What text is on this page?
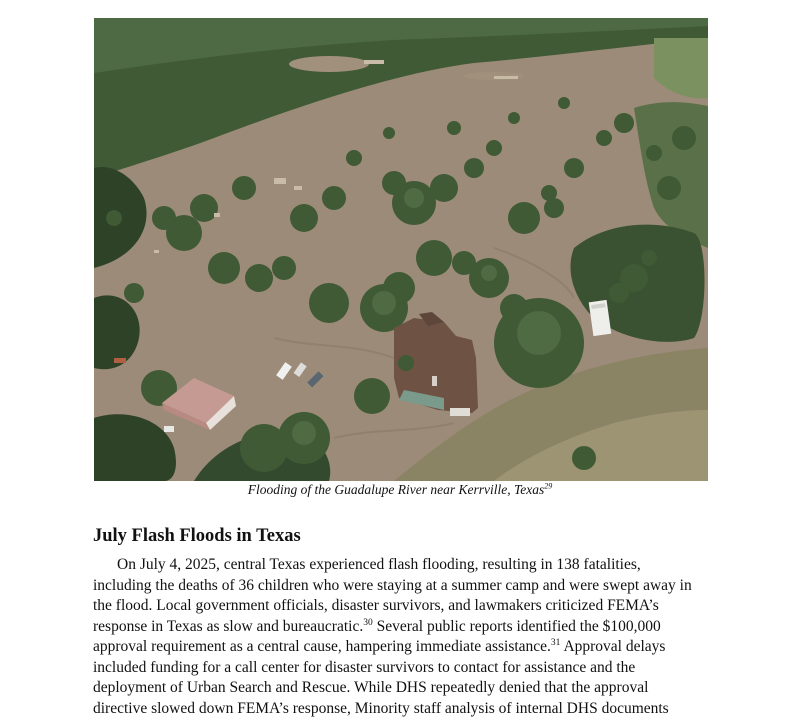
Flooding of the Guadalupe River near Kerrville, Texas$^{29}$
July Flash Floods in Texas

On July 4, 2025, central Texas experienced flash flooding, resulting in 138 fatalities,
including the deaths of 36 children who were staying at a summer camp and were swept away in
the flood. Local government officials, disaster survivors, and lawmakers criticized FEMA’s
response in Texas as slow and bureaucratic.$^{30}$ Several public reports identified the $100,000
approval requirement as a central cause, hampering immediate assistance.$^{31}$ Approval delays
included funding for a call center for disaster survivors to contact for assistance and the
deployment of Urban Search and Rescue. While DHS repeatedly denied that the approval
directive slowed down FEMA’s response, Minority staff analysis of internal DHS documents
